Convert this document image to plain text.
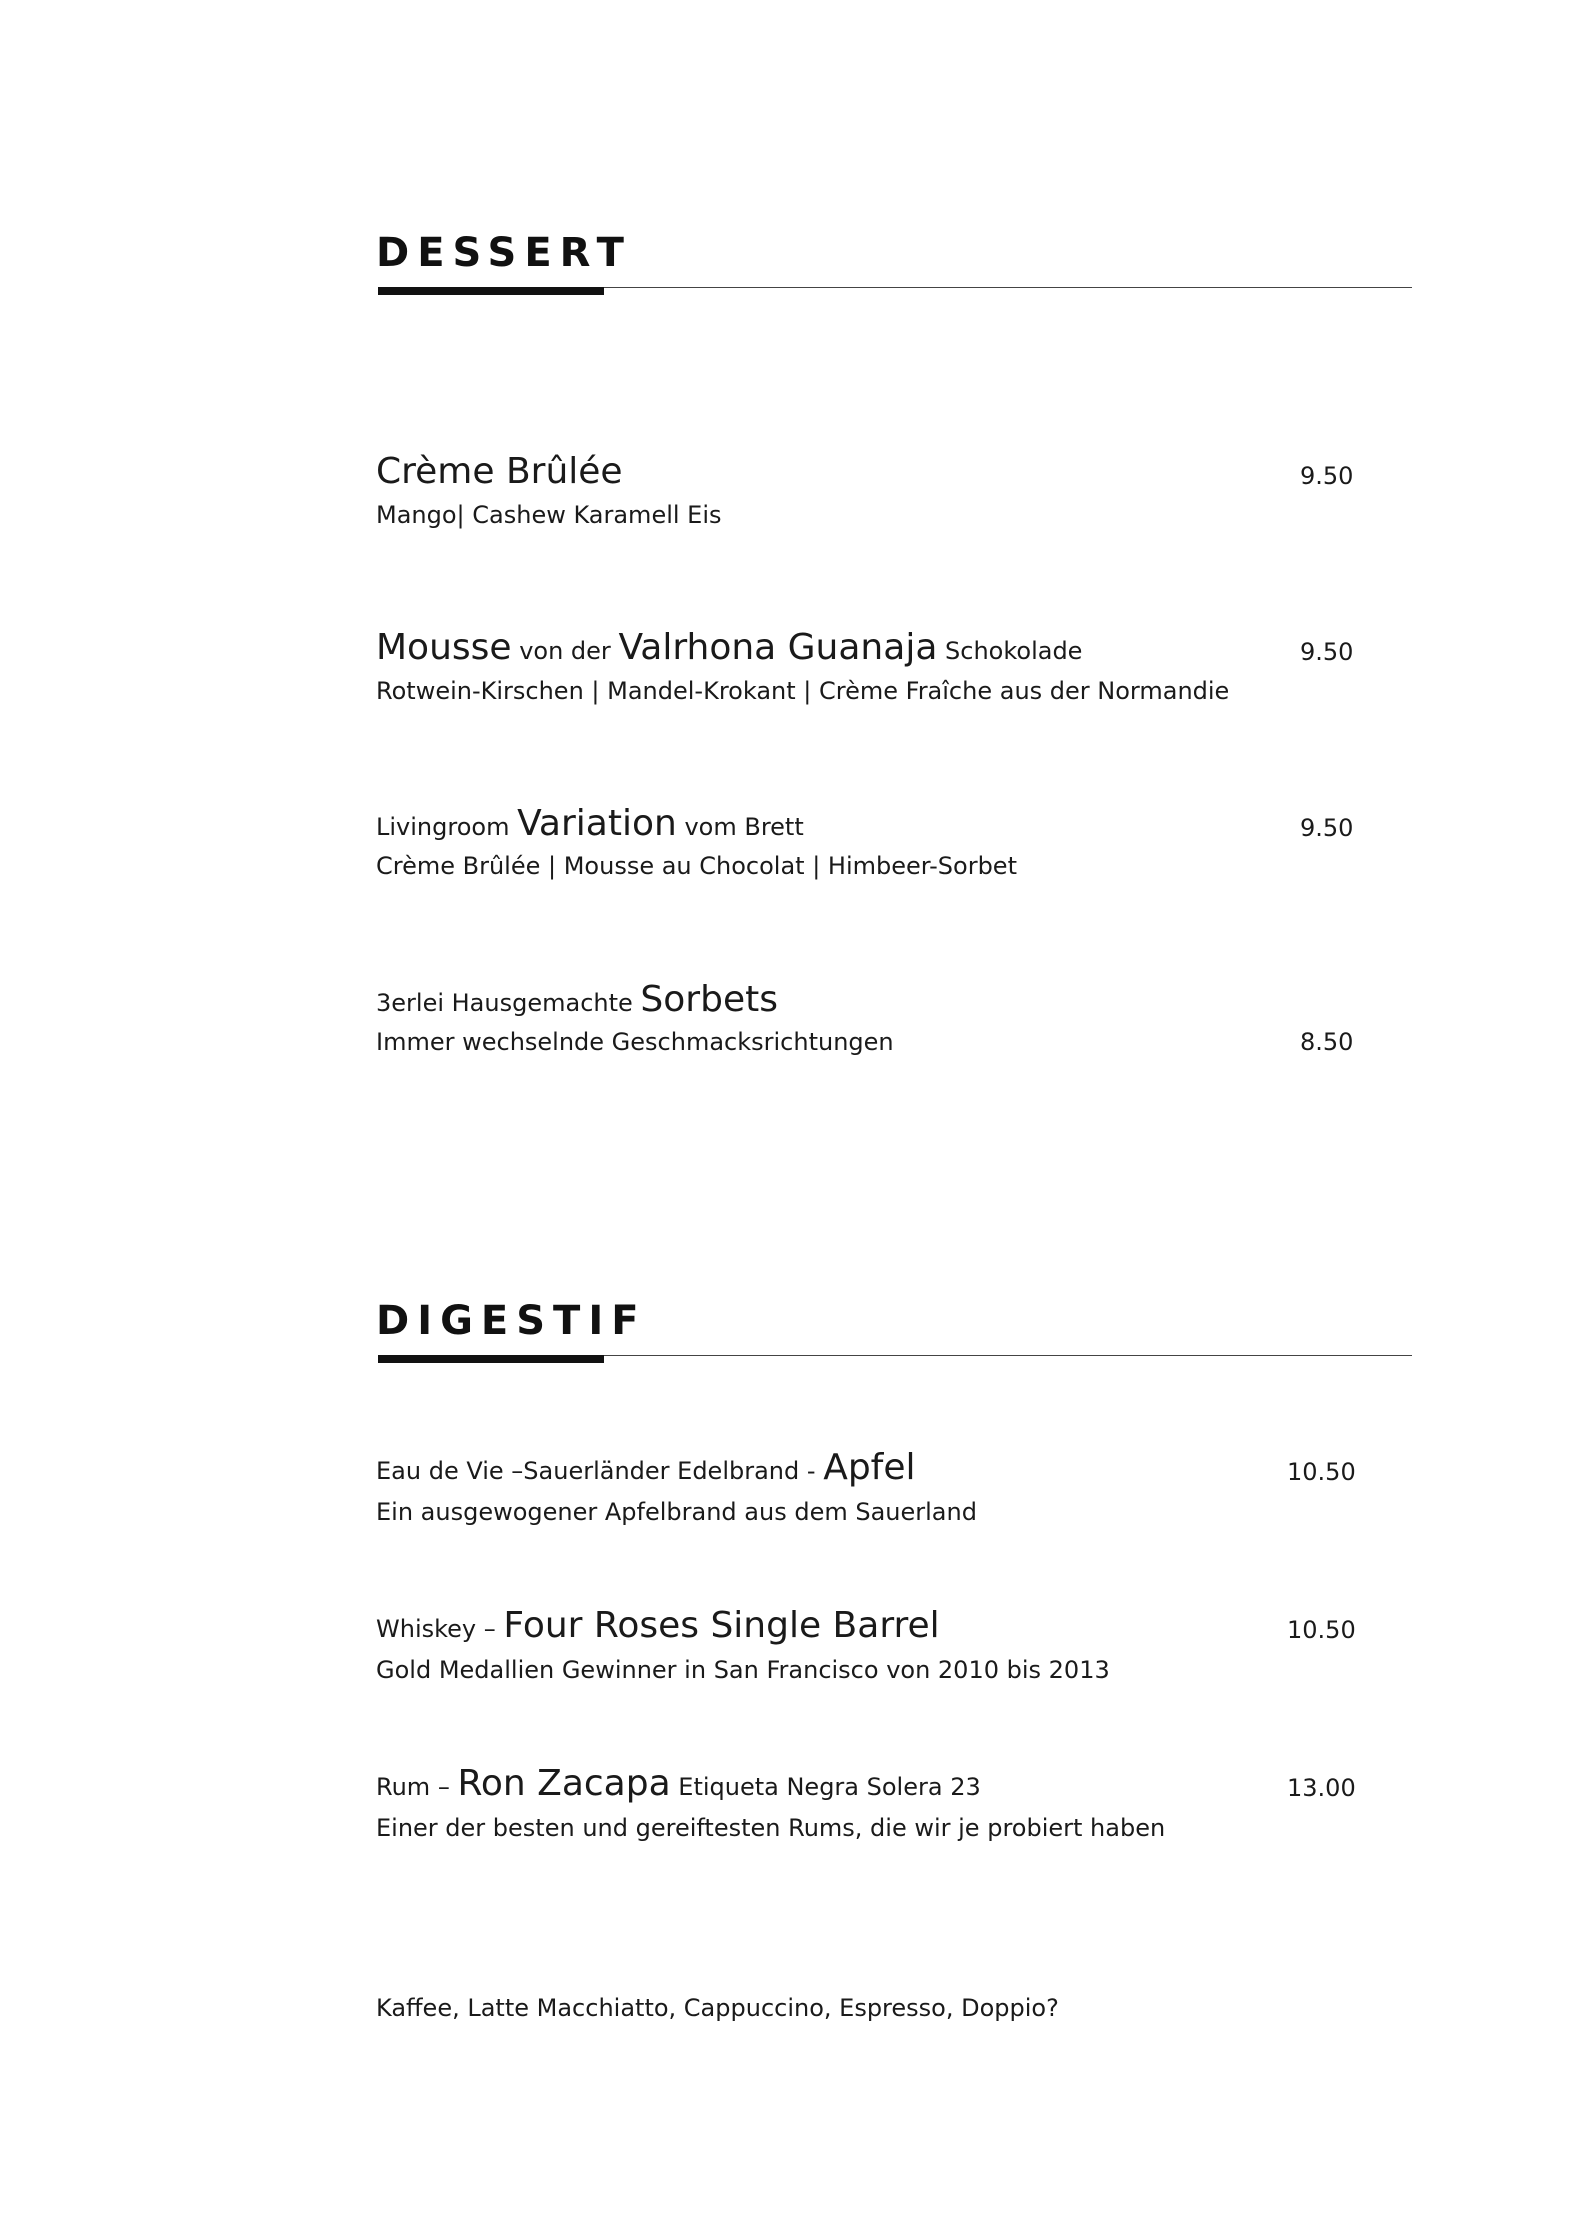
DESSERT
Crème Brûlée	9.50
Mango| Cashew Karamell Eis
Mousse von der Valrhona Guanaja Schokolade	9.50
Rotwein-Kirschen | Mandel-Krokant | Crème Fraîche aus der Normandie
Livingroom Variation vom Brett	9.50
Crème Brûlée | Mousse au Chocolat | Himbeer-Sorbet
3erlei Hausgemachte Sorbets
Immer wechselnde Geschmacksrichtungen	8.50
DIGESTIF
Eau de Vie –Sauerländer Edelbrand - Apfel	10.50
Ein ausgewogener Apfelbrand aus dem Sauerland
Whiskey – Four Roses Single Barrel	10.50
Gold Medallien Gewinner in San Francisco von 2010 bis 2013
Rum – Ron Zacapa Etiqueta Negra Solera 23	13.00
Einer der besten und gereiftesten Rums, die wir je probiert haben
Kaffee, Latte Macchiatto, Cappuccino, Espresso, Doppio?
